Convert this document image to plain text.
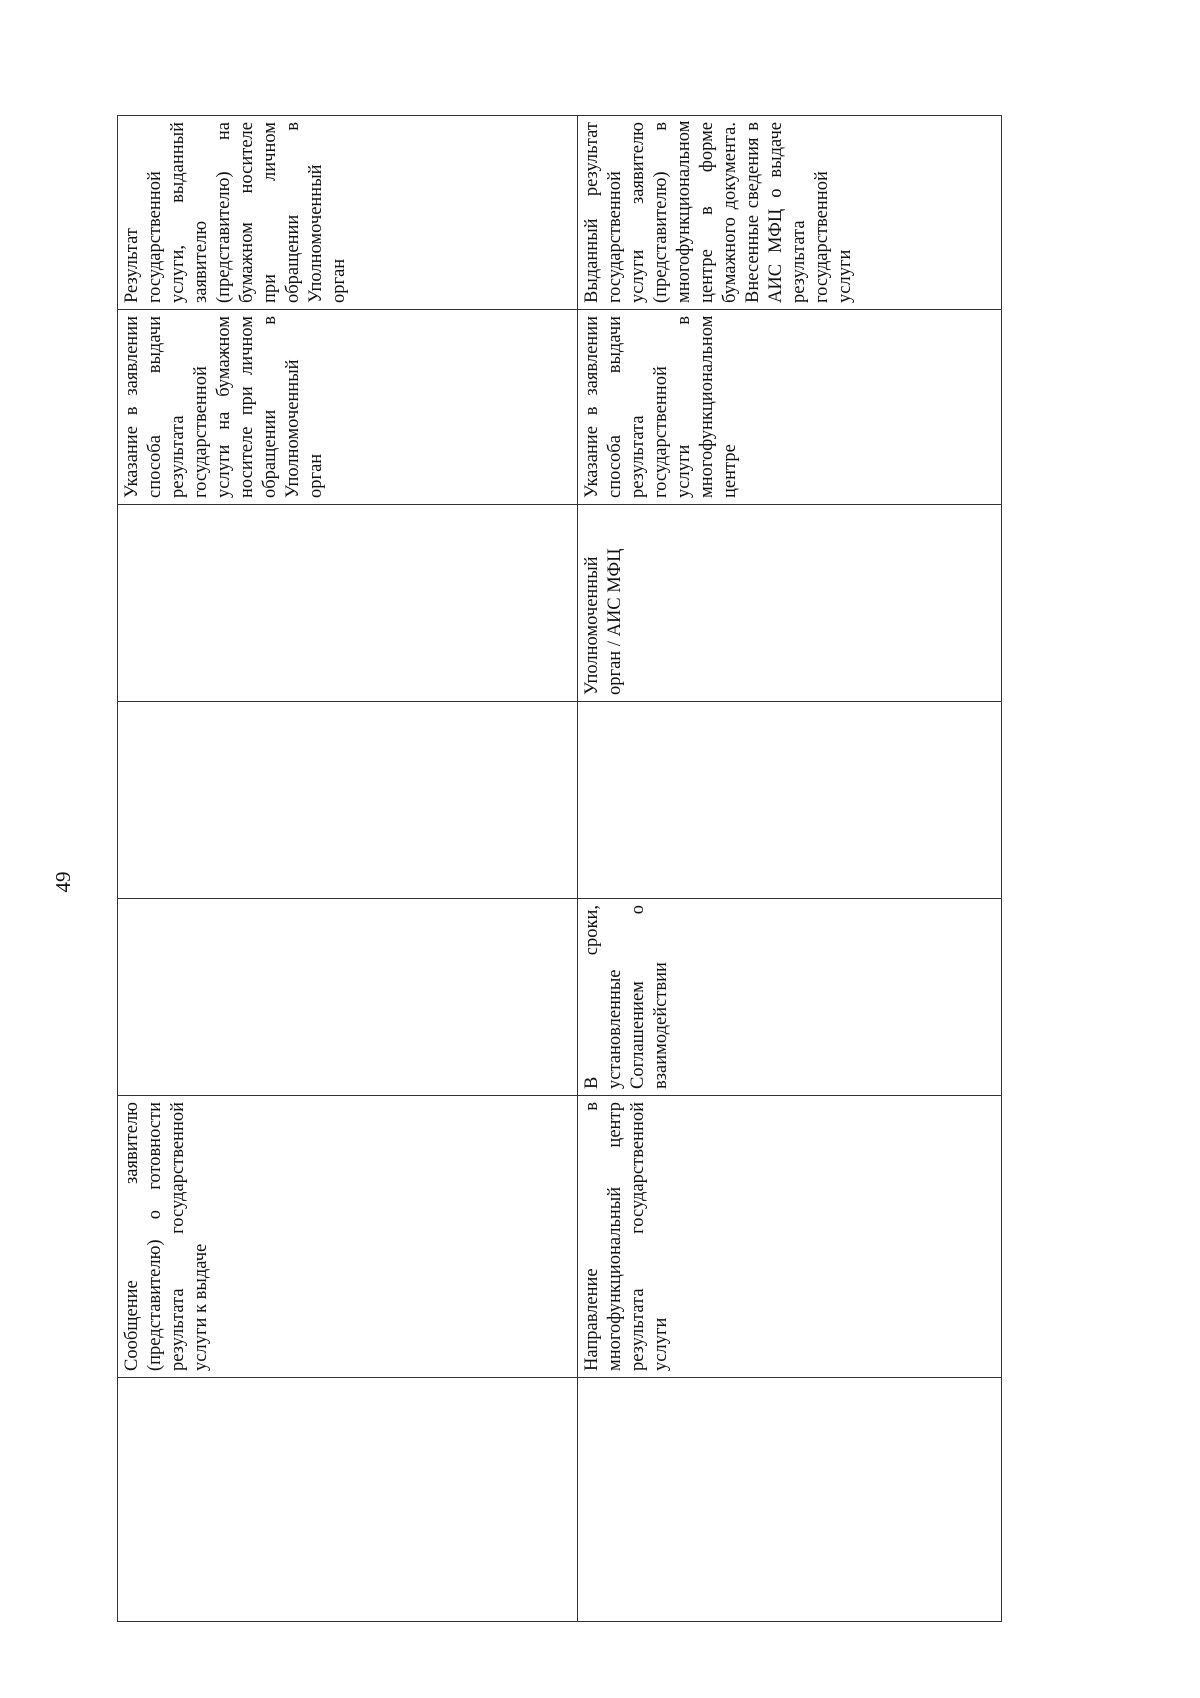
49
	Сообщение заявителю (представителю) о готовности результата государственной услуги к выдаче				Указание в заявлении способа выдачи результата государственной услуги на бумажном носителе при личном обращении в Уполномоченный орган	Результат государственной услуги, выданный заявителю (представителю) на бумажном носителе при личном обращении в Уполномоченный орган
	Направление в многофункциональный центр результата государственной услуги	В сроки, установленные Соглашением о взаимодействии		Уполномоченный орган / АИС МФЦ	Указание в заявлении способа выдачи результата государственной услуги в многофункциональном центре	Выданный результат государственной услуги заявителю (представителю) в многофункциональном центре в форме бумажного документа. Внесенные сведения в АИС МФЦ о выдаче результата государственной услуги
